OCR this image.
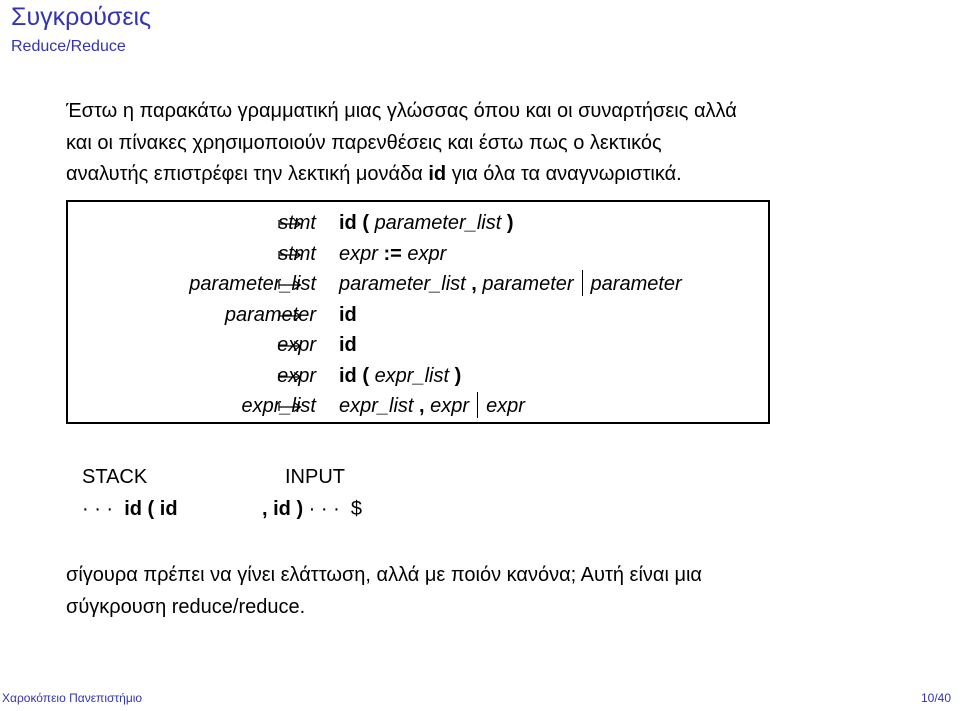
Συγκρούσεις
Reduce/Reduce
Έστω η παρακάτω γραμματική μιας γλώσσας όπου και οι συναρτήσεις αλλά
και οι πίνακες χρησιμοποιούν παρενθέσεις και έστω πως ο λεκτικός
αναλυτής επιστρέφει την λεκτική μονάδα id για όλα τα αναγνωριστικά.
stmt id ( parameter_list )
stmt expr := expr
parameter_list parameter_list , parameter parameter
parameter id
expr id
expr id ( expr_list )
expr_list expr_list , expr expr
STACK	INPUT
· · · id ( id	, id ) · · · $
σίγουρα πρέπει να γίνει ελάττωση, αλλά με ποιόν κανόνα; Αυτή είναι μια
σύγκρουση reduce/reduce.
Χαροκόπειο Πανεπιστήμιο	10/40
